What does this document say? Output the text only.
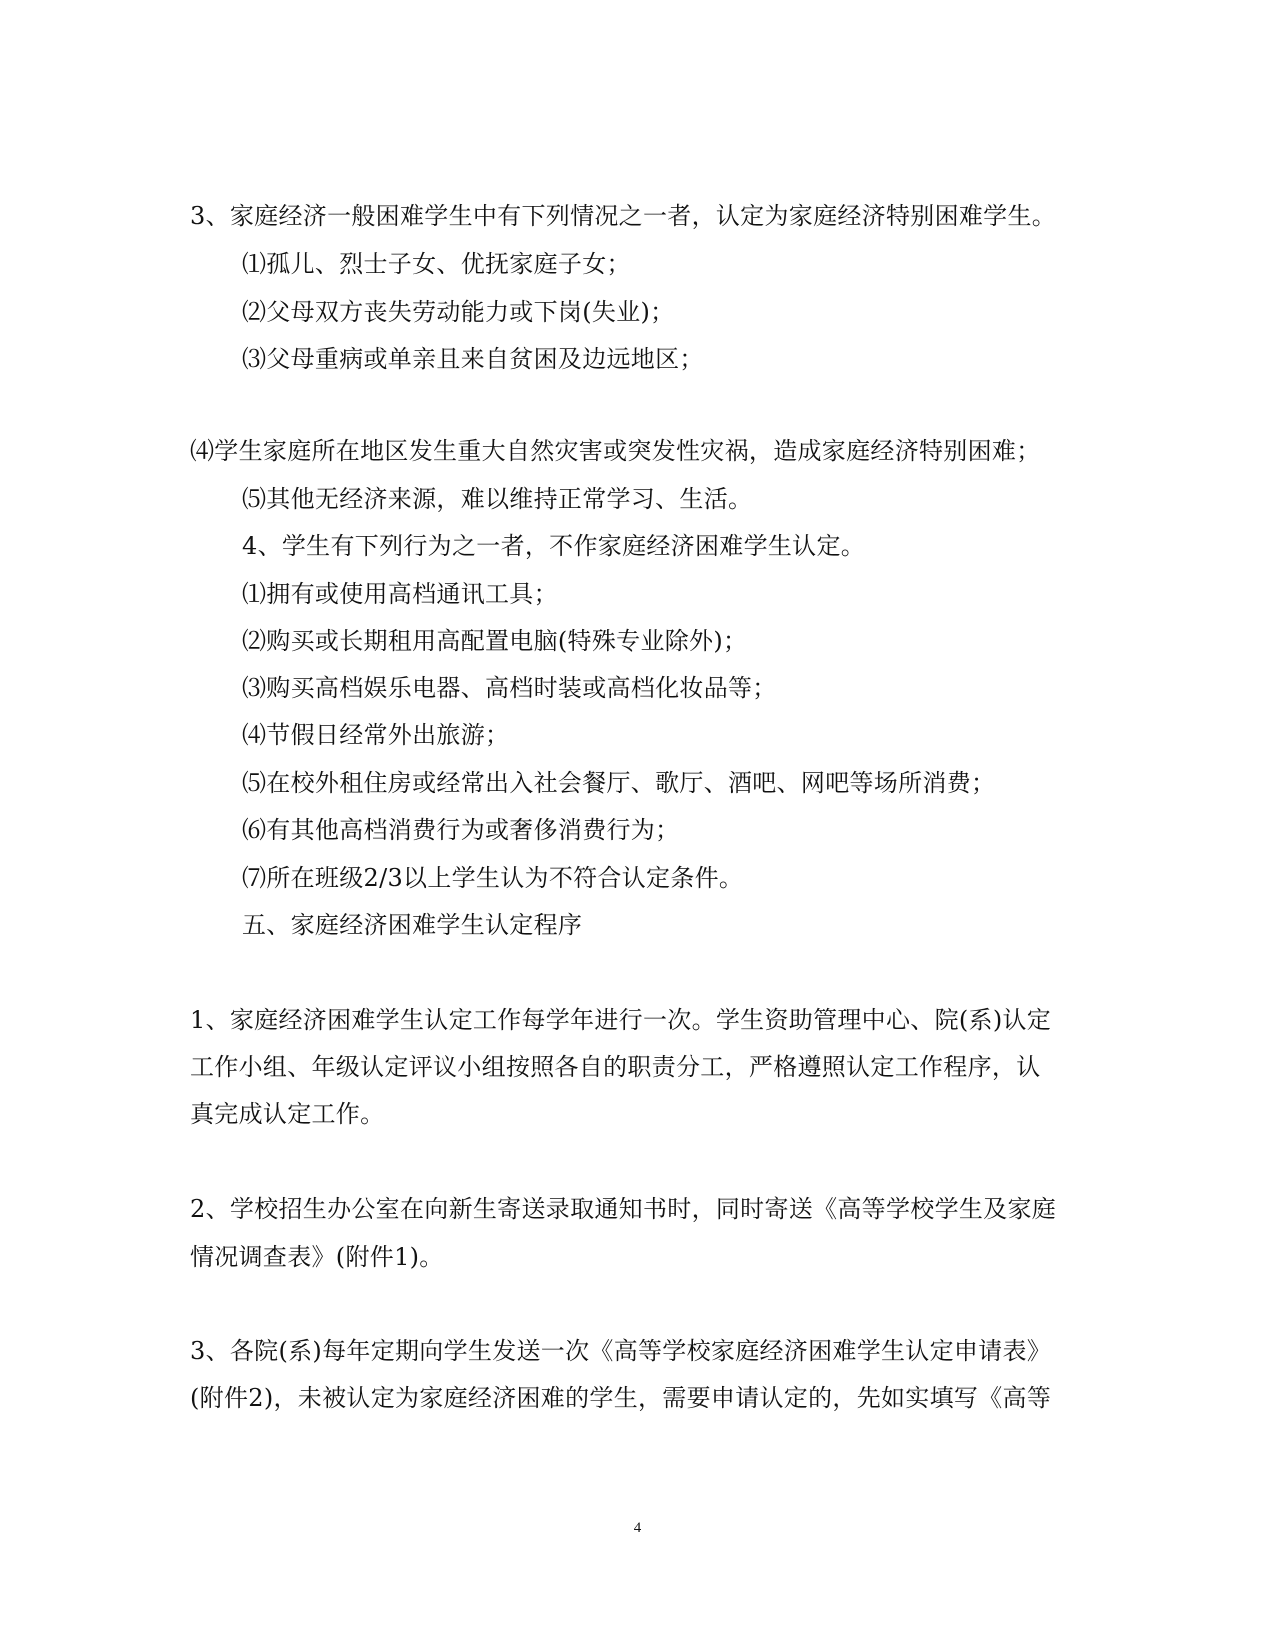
3、家庭经济一般困难学生中有下列情况之一者，认定为家庭经济特别困难学生。
⑴孤儿、烈士子女、优抚家庭子女；
⑵父母双方丧失劳动能力或下岗(失业)；
⑶父母重病或单亲且来自贫困及边远地区；
⑷学生家庭所在地区发生重大自然灾害或突发性灾祸，造成家庭经济特别困难；
⑸其他无经济来源，难以维持正常学习、生活。
4、学生有下列行为之一者，不作家庭经济困难学生认定。
⑴拥有或使用高档通讯工具；
⑵购买或长期租用高配置电脑(特殊专业除外)；
⑶购买高档娱乐电器、高档时装或高档化妆品等；
⑷节假日经常外出旅游；
⑸在校外租住房或经常出入社会餐厅、歌厅、酒吧、网吧等场所消费；
⑹有其他高档消费行为或奢侈消费行为；
⑺所在班级2/3以上学生认为不符合认定条件。
五、家庭经济困难学生认定程序
1、家庭经济困难学生认定工作每学年进行一次。学生资助管理中心、院(系)认定
工作小组、年级认定评议小组按照各自的职责分工，严格遵照认定工作程序，认
真完成认定工作。
2、学校招生办公室在向新生寄送录取通知书时，同时寄送《高等学校学生及家庭
情况调查表》(附件1)。
3、各院(系)每年定期向学生发送一次《高等学校家庭经济困难学生认定申请表》
(附件2)，未被认定为家庭经济困难的学生，需要申请认定的，先如实填写《高等
4
